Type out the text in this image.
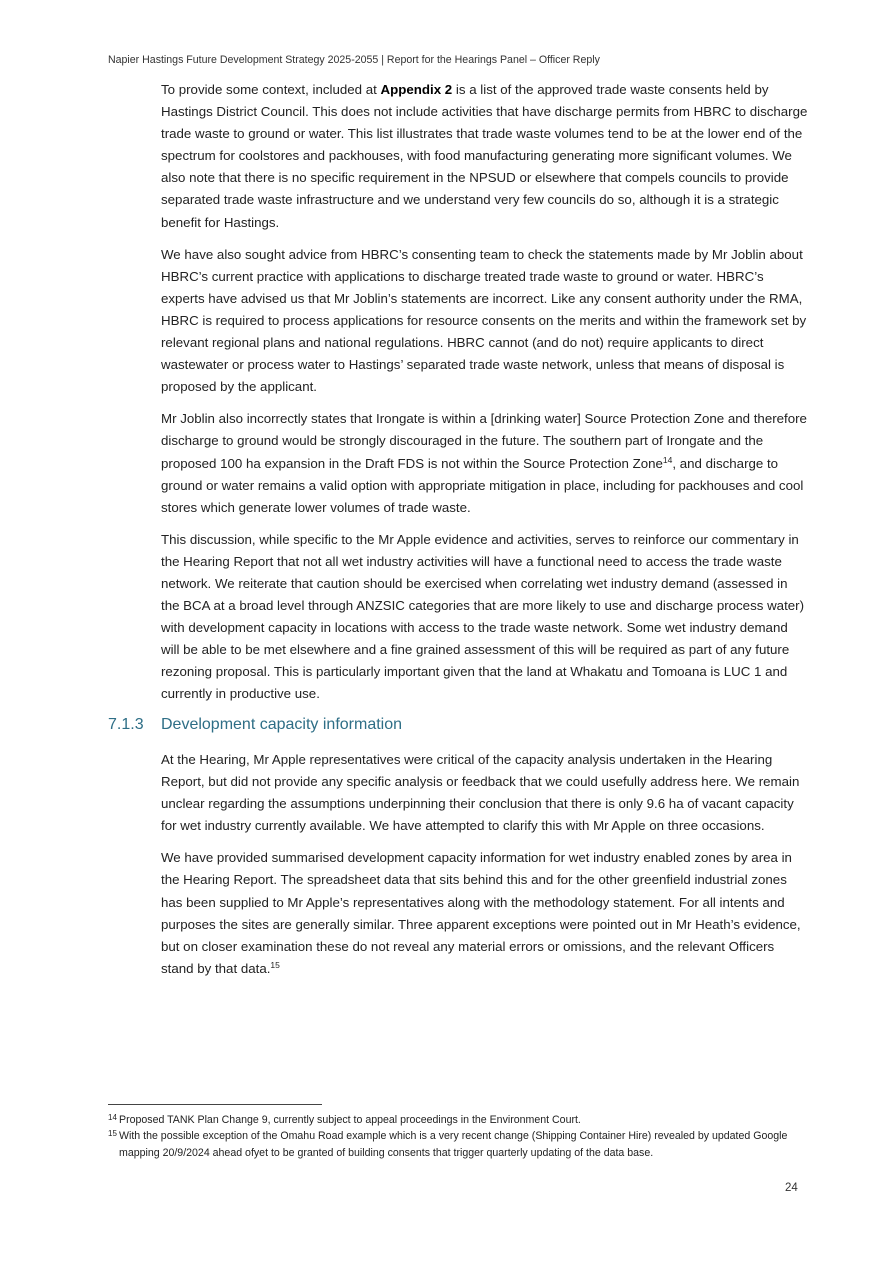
Napier Hastings Future Development Strategy 2025-2055 | Report for the Hearings Panel – Officer Reply

To provide some context, included at Appendix 2 is a list of the approved trade waste consents held by Hastings District Council. This does not include activities that have discharge permits from HBRC to discharge trade waste to ground or water. This list illustrates that trade waste volumes tend to be at the lower end of the spectrum for coolstores and packhouses, with food manufacturing generating more significant volumes. We also note that there is no specific requirement in the NPSUD or elsewhere that compels councils to provide separated trade waste infrastructure and we understand very few councils do so, although it is a strategic benefit for Hastings.

We have also sought advice from HBRC’s consenting team to check the statements made by Mr Joblin about HBRC’s current practice with applications to discharge treated trade waste to ground or water. HBRC’s experts have advised us that Mr Joblin’s statements are incorrect. Like any consent authority under the RMA, HBRC is required to process applications for resource consents on the merits and within the framework set by relevant regional plans and national regulations. HBRC cannot (and do not) require applicants to direct wastewater or process water to Hastings’ separated trade waste network, unless that means of disposal is proposed by the applicant.

Mr Joblin also incorrectly states that Irongate is within a [drinking water] Source Protection Zone and therefore discharge to ground would be strongly discouraged in the future. The southern part of Irongate and the proposed 100 ha expansion in the Draft FDS is not within the Source Protection Zone$^{14}$, and discharge to ground or water remains a valid option with appropriate mitigation in place, including for packhouses and cool stores which generate lower volumes of trade waste.

This discussion, while specific to the Mr Apple evidence and activities, serves to reinforce our commentary in the Hearing Report that not all wet industry activities will have a functional need to access the trade waste network. We reiterate that caution should be exercised when correlating wet industry demand (assessed in the BCA at a broad level through ANZSIC categories that are more likely to use and discharge process water) with development capacity in locations with access to the trade waste network. Some wet industry demand will be able to be met elsewhere and a fine grained assessment of this will be required as part of any future rezoning proposal. This is particularly important given that the land at Whakatu and Tomoana is LUC 1 and currently in productive use.

7.1.3 Development capacity information

At the Hearing, Mr Apple representatives were critical of the capacity analysis undertaken in the Hearing Report, but did not provide any specific analysis or feedback that we could usefully address here. We remain unclear regarding the assumptions underpinning their conclusion that there is only 9.6 ha of vacant capacity for wet industry currently available. We have attempted to clarify this with Mr Apple on three occasions.

We have provided summarised development capacity information for wet industry enabled zones by area in the Hearing Report. The spreadsheet data that sits behind this and for the other greenfield industrial zones has been supplied to Mr Apple’s representatives along with the methodology statement. For all intents and purposes the sites are generally similar. Three apparent exceptions were pointed out in Mr Heath’s evidence, but on closer examination these do not reveal any material errors or omissions, and the relevant Officers stand by that data.$^{15}$

14 Proposed TANK Plan Change 9, currently subject to appeal proceedings in the Environment Court.

15 With the possible exception of the Omahu Road example which is a very recent change (Shipping Container Hire) revealed by updated Google mapping 20/9/2024 ahead ofyet to be granted of building consents that trigger quarterly updating of the data base.

24
